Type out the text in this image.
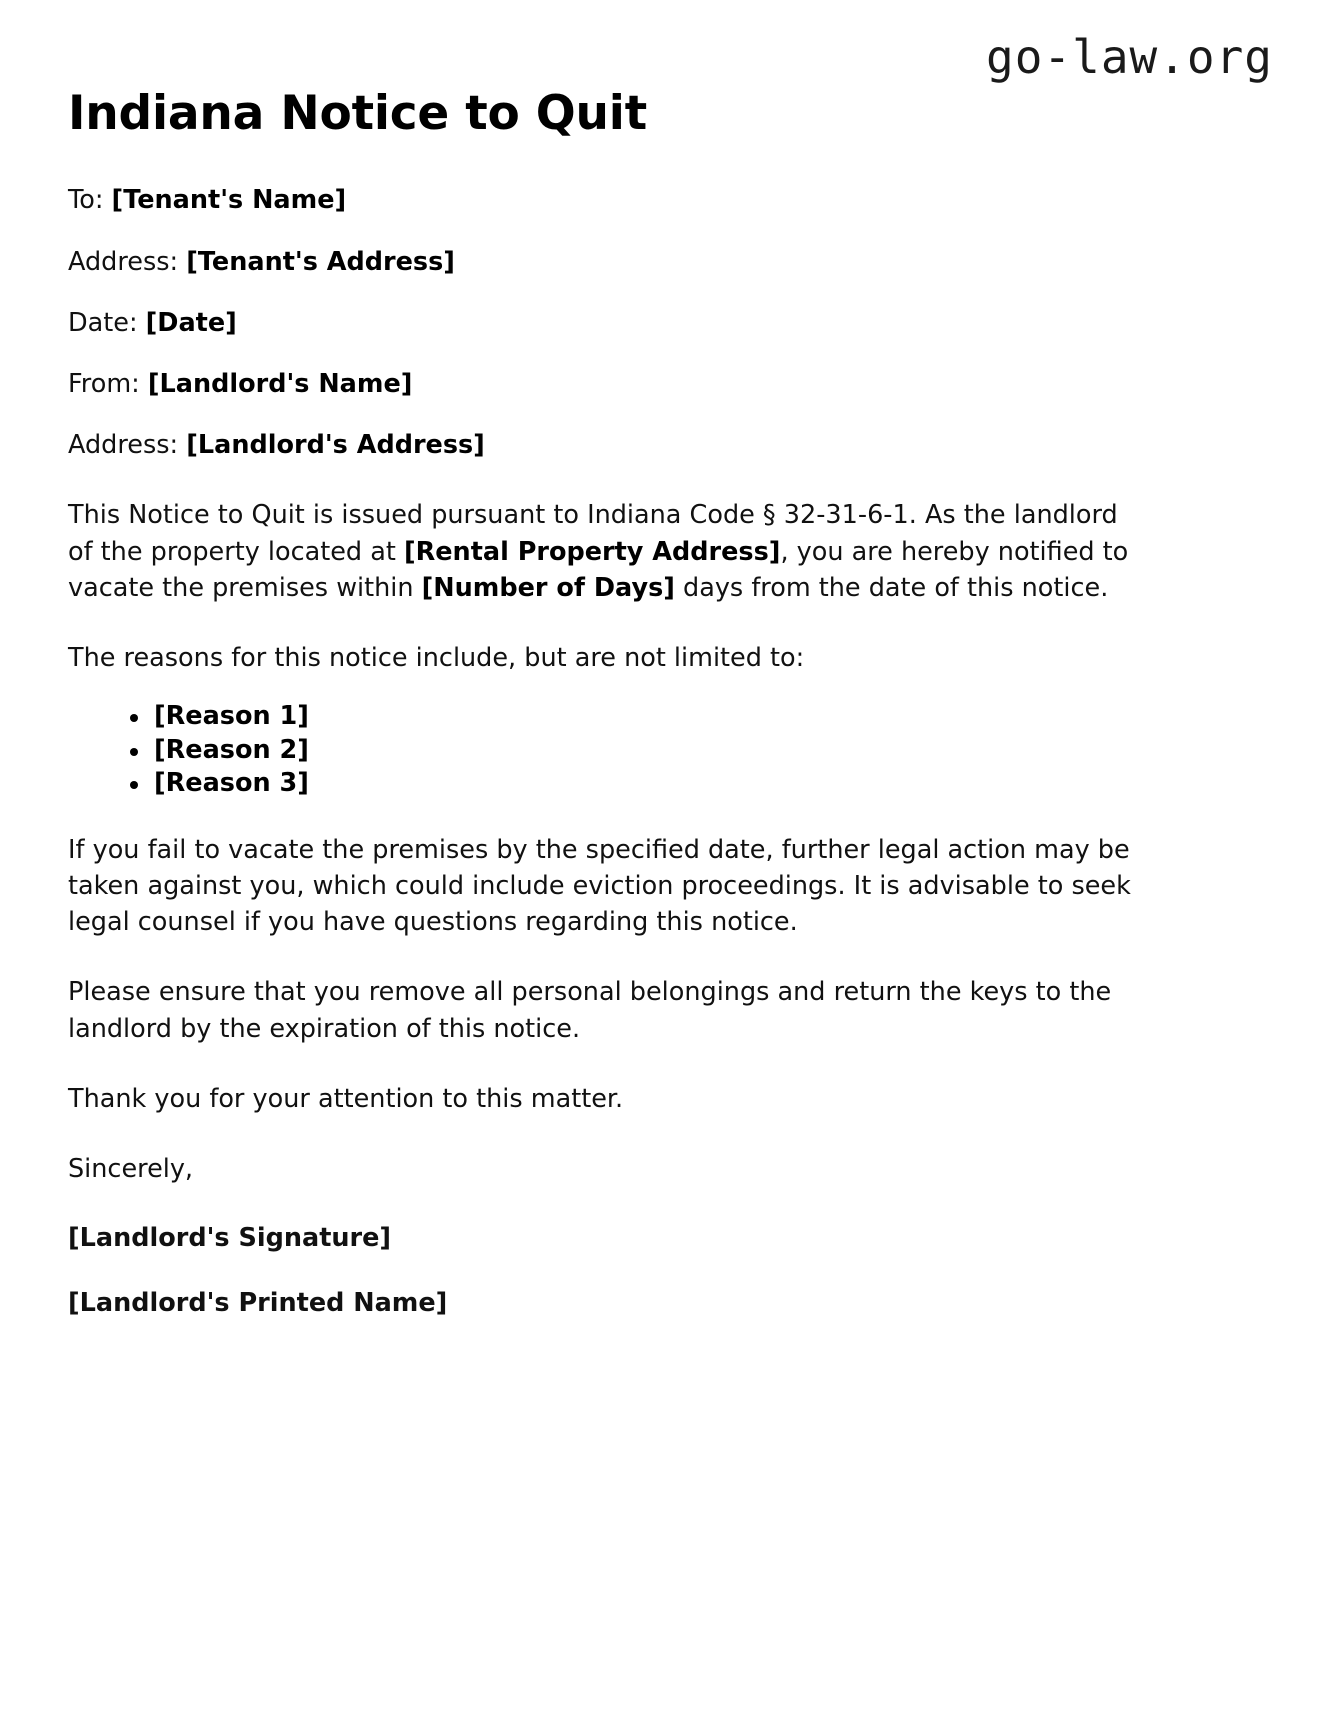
go-law.org
Indiana Notice to Quit

To: [Tenant's Name]

Address: [Tenant's Address]

Date: [Date]

From: [Landlord's Name]

Address: [Landlord's Address]

This Notice to Quit is issued pursuant to Indiana Code § 32-31-6-1. As the landlord of the property located at [Rental Property Address], you are hereby notified to vacate the premises within [Number of Days] days from the date of this notice.

The reasons for this notice include, but are not limited to:

[Reason 1]
[Reason 2]
[Reason 3]

If you fail to vacate the premises by the specified date, further legal action may be taken against you, which could include eviction proceedings. It is advisable to seek legal counsel if you have questions regarding this notice.

Please ensure that you remove all personal belongings and return the keys to the landlord by the expiration of this notice.

Thank you for your attention to this matter.

Sincerely,

[Landlord's Signature]

[Landlord's Printed Name]
